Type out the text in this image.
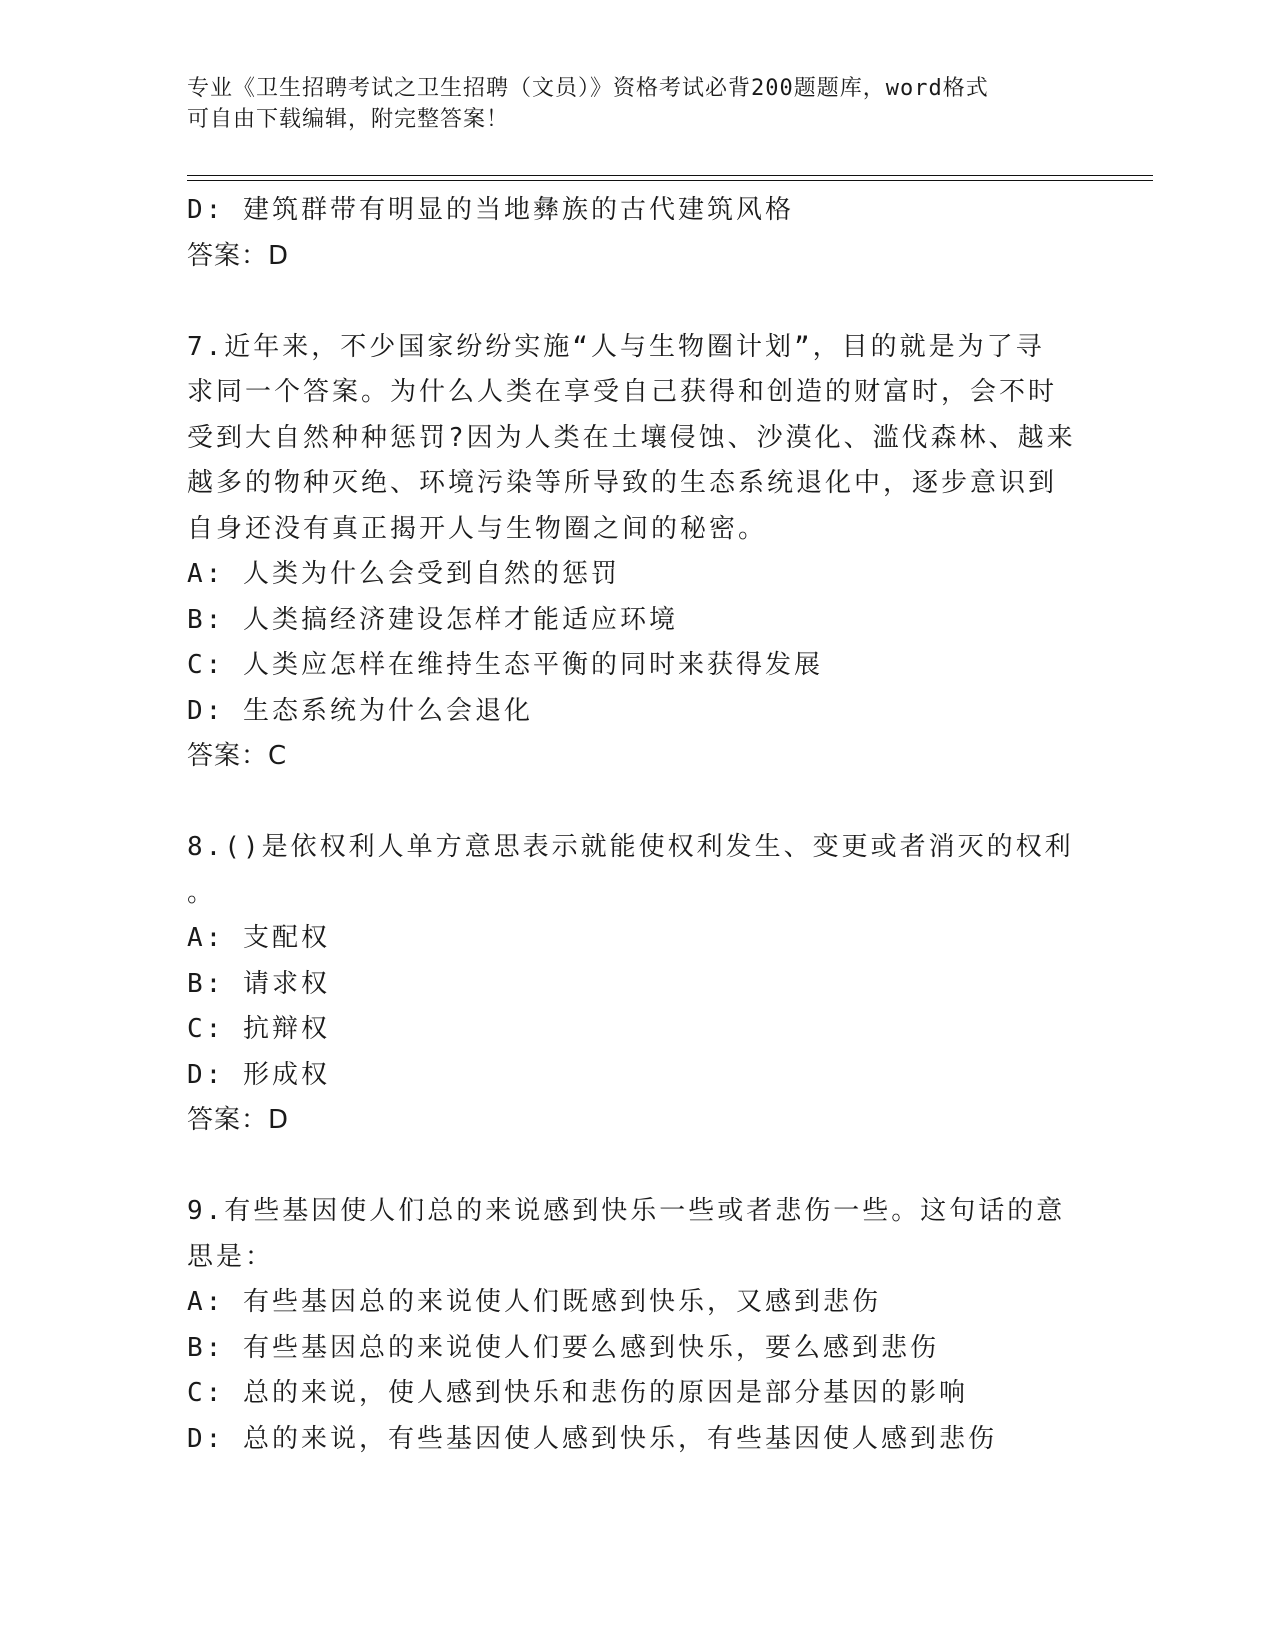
专业《卫生招聘考试之卫生招聘（文员）》资格考试必背200题题库，word格式
可自由下载编辑，附完整答案！
D: 建筑群带有明显的当地彝族的古代建筑风格
答案：D
7.近年来，不少国家纷纷实施“人与生物圈计划”，目的就是为了寻
求同一个答案。为什么人类在享受自己获得和创造的财富时，会不时
受到大自然种种惩罚?因为人类在土壤侵蚀、沙漠化、滥伐森林、越来
越多的物种灭绝、环境污染等所导致的生态系统退化中，逐步意识到
自身还没有真正揭开人与生物圈之间的秘密。
A: 人类为什么会受到自然的惩罚
B: 人类搞经济建设怎样才能适应环境
C: 人类应怎样在维持生态平衡的同时来获得发展
D: 生态系统为什么会退化
答案：C
8.()是依权利人单方意思表示就能使权利发生、变更或者消灭的权利
。
A: 支配权
B: 请求权
C: 抗辩权
D: 形成权
答案：D
9.有些基因使人们总的来说感到快乐一些或者悲伤一些。这句话的意
思是：
A: 有些基因总的来说使人们既感到快乐，又感到悲伤
B: 有些基因总的来说使人们要么感到快乐，要么感到悲伤
C: 总的来说，使人感到快乐和悲伤的原因是部分基因的影响
D: 总的来说，有些基因使人感到快乐，有些基因使人感到悲伤
